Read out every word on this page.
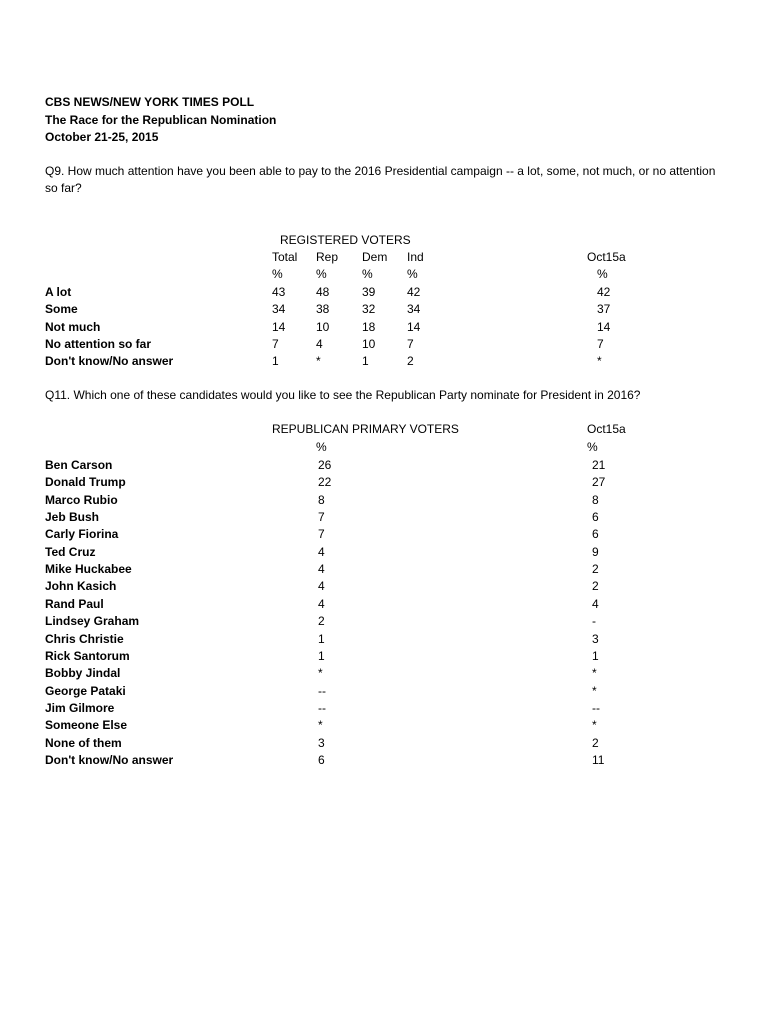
CBS NEWS/NEW YORK TIMES POLL
The Race for the Republican Nomination
October 21-25, 2015
Q9. How much attention have you been able to pay to the 2016 Presidential campaign -- a lot, some, not much, or no attention so far?
REGISTERED VOTERS
Total Rep Dem Ind	Oct15a
%	%	%	%	%
A lot	43	48	39	42	42
Some	34	38	32	34	37
Not much	14	10	18	14	14
No attention so far	7	4	10	7	7
Don't know/No answer	1	*	1	2	*
Q11. Which one of these candidates would you like to see the Republican Party nominate for President in 2016?
REPUBLICAN PRIMARY VOTERS	Oct15a
%	%
Ben Carson	26	21
Donald Trump	22	27
Marco Rubio	8	8
Jeb Bush	7	6
Carly Fiorina	7	6
Ted Cruz	4	9
Mike Huckabee	4	2
John Kasich	4	2
Rand Paul	4	4
Lindsey Graham	2	-
Chris Christie	1	3
Rick Santorum	1	1
Bobby Jindal	*	*
George Pataki	--	*
Jim Gilmore	--	--
Someone Else	*	*
None of them	3	2
Don't know/No answer	6	11
